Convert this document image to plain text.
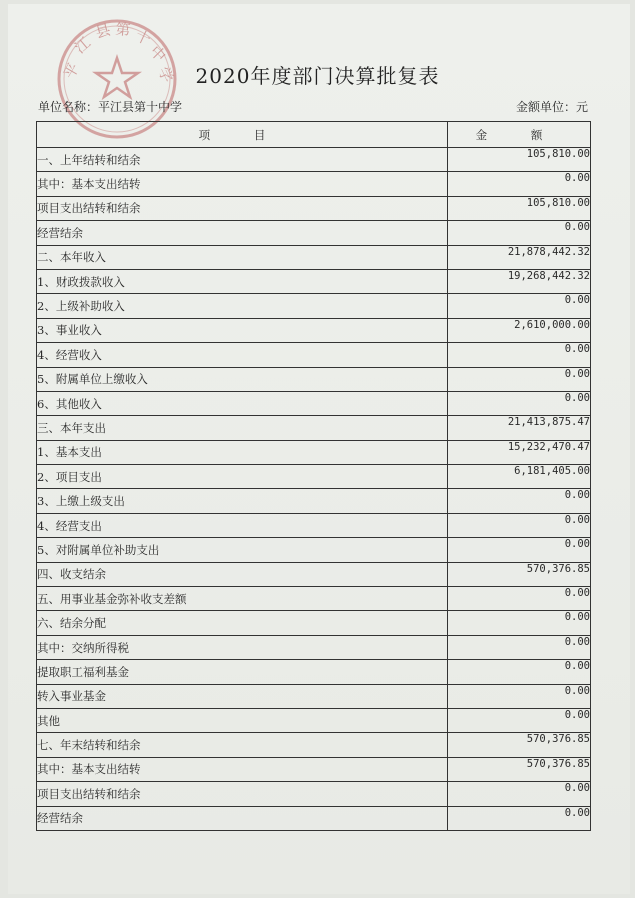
平
江
县 第 十
中
学 2020年度部门决算批复表
单位名称：平江县第十中学	金额单位：元
项 目	金 额
一、上年结转和结余	105,810.00
其中：基本支出结转	0.00
项目支出结转和结余	105,810.00
经营结余	0.00
二、本年收入	21,878,442.32
1、财政拨款收入	19,268,442.32
2、上级补助收入	0.00
3、事业收入	2,610,000.00
4、经营收入	0.00
5、附属单位上缴收入	0.00
6、其他收入	0.00
三、本年支出	21,413,875.47
1、基本支出	15,232,470.47
2、项目支出	6,181,405.00
3、上缴上级支出	0.00
4、经营支出	0.00
5、对附属单位补助支出	0.00
四、收支结余	570,376.85
五、用事业基金弥补收支差额	0.00
六、结余分配	0.00
其中：交纳所得税	0.00
提取职工福利基金	0.00
转入事业基金	0.00
其他	0.00
七、年末结转和结余	570,376.85
其中：基本支出结转	570,376.85
项目支出结转和结余	0.00
经营结余	0.00
